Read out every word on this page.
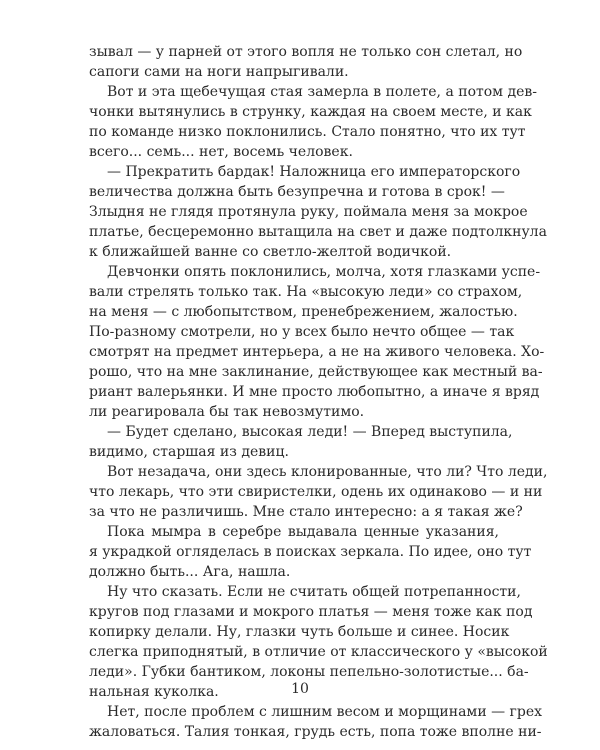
зывал — у парней от этого вопля не только сон слетал, но
сапоги сами на ноги напрыгивали.
Вот и эта щебечущая стая замерла в полете, а потом дев-
чонки вытянулись в струнку, каждая на своем месте, и как
по команде низко поклонились. Стало понятно, что их тут
всего... семь... нет, восемь человек.
— Прекратить бардак! Наложница его императорского
величества должна быть безупречна и готова в срок! —
Злыдня не глядя протянула руку, поймала меня за мокрое
платье, бесцеремонно вытащила на свет и даже подтолкнула
к ближайшей ванне со светло-желтой водичкой.
Девчонки опять поклонились, молча, хотя глазками успе-
вали стрелять только так. На «высокую леди» со страхом,
на меня — с любопытством, пренебрежением, жалостью.
По-разному смотрели, но у всех было нечто общее — так
смотрят на предмет интерьера, а не на живого человека. Хо-
рошо, что на мне заклинание, действующее как местный ва-
риант валерьянки. И мне просто любопытно, а иначе я вряд
ли реагировала бы так невозмутимо.
— Будет сделано, высокая леди! — Вперед выступила,
видимо, старшая из девиц.
Вот незадача, они здесь клонированные, что ли? Что леди,
что лекарь, что эти свиристелки, одень их одинаково — и ни
за что не различишь. Мне стало интересно: а я такая же?
Пока мымра в серебре выдавала ценные указания,
я украдкой огляделась в поисках зеркала. По идее, оно тут
должно быть... Ага, нашла.
Ну что сказать. Если не считать общей потрепанности,
кругов под глазами и мокрого платья — меня тоже как под
копирку делали. Ну, глазки чуть больше и синее. Носик
слегка приподнятый, в отличие от классического у «высокой
леди». Губки бантиком, локоны пепельно-золотистые... ба-
нальная куколка.
Нет, после проблем с лишним весом и морщинами — грех
жаловаться. Талия тонкая, грудь есть, попа тоже вполне ни-
10
